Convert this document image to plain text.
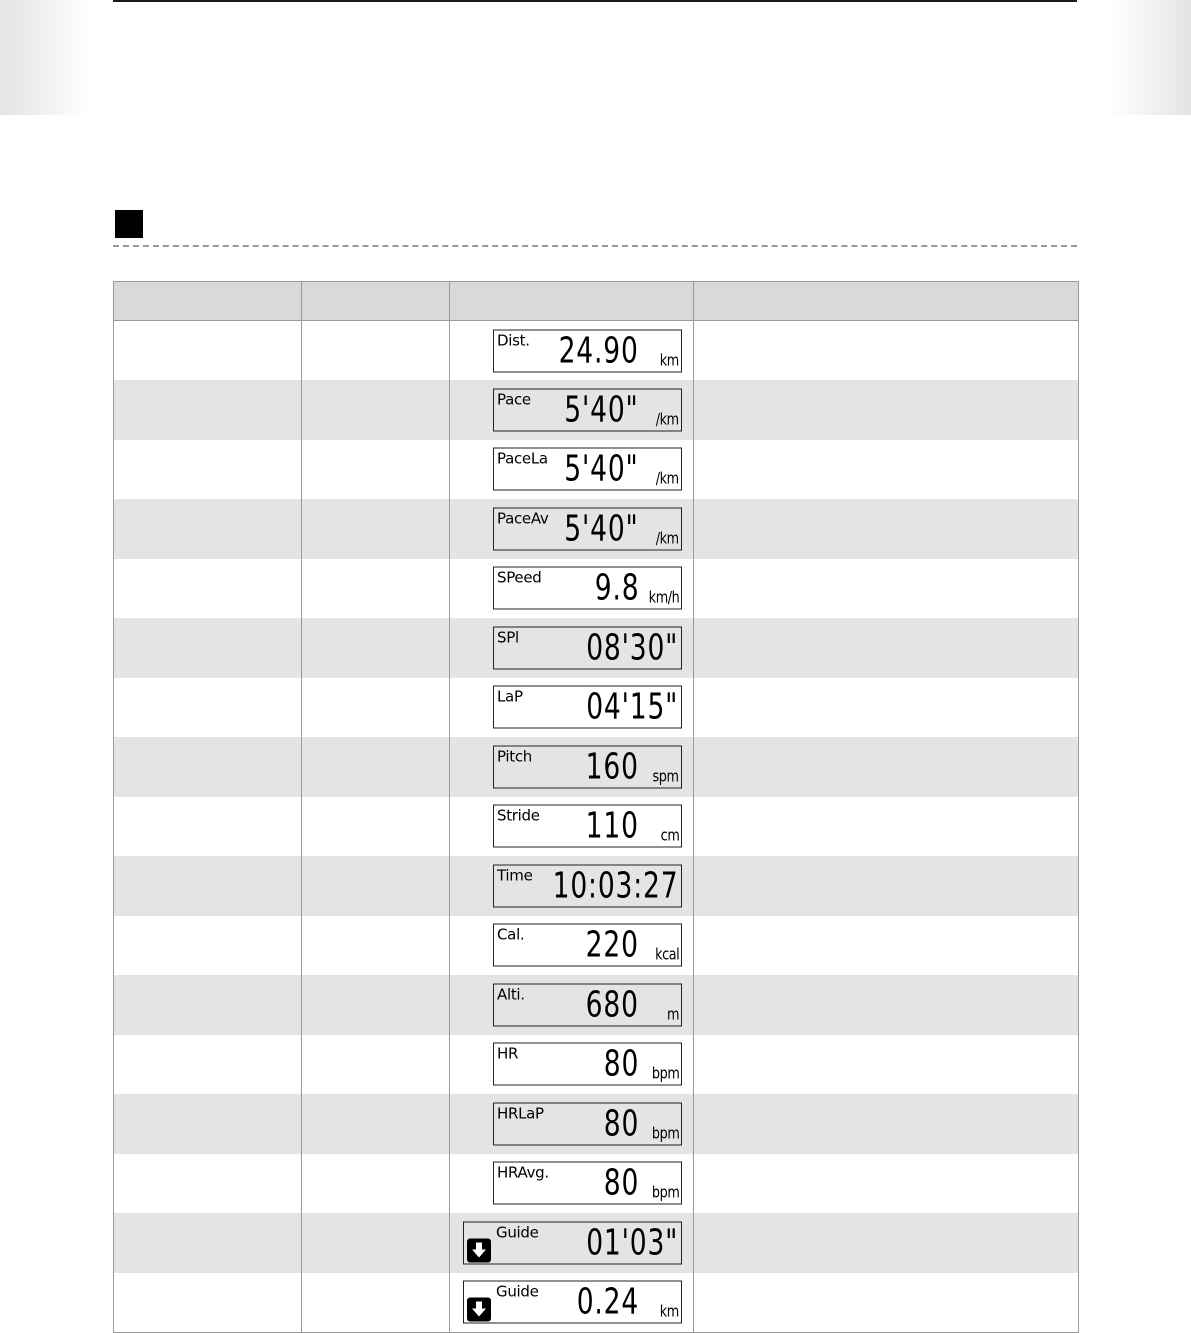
		Dist. 24.90 km	

		Pace 5'40" /km	

		PaceLa 5'40" /km	

		PaceAv 5'40" /km	

		SPeed 9.8 km/h	

		SPl 08'30"	

		LaP 04'15"	

		Pitch 160 spm	

		Stride 110 cm	

		Time 10:03:27	

		Cal. 220 kcal	

		Alti. 680 m	

		HR 80 bpm	

		HRLaP 80 bpm	

		HRAvg. 80 bpm	

		Guide 01'03"	

		Guide 0.24 km	
